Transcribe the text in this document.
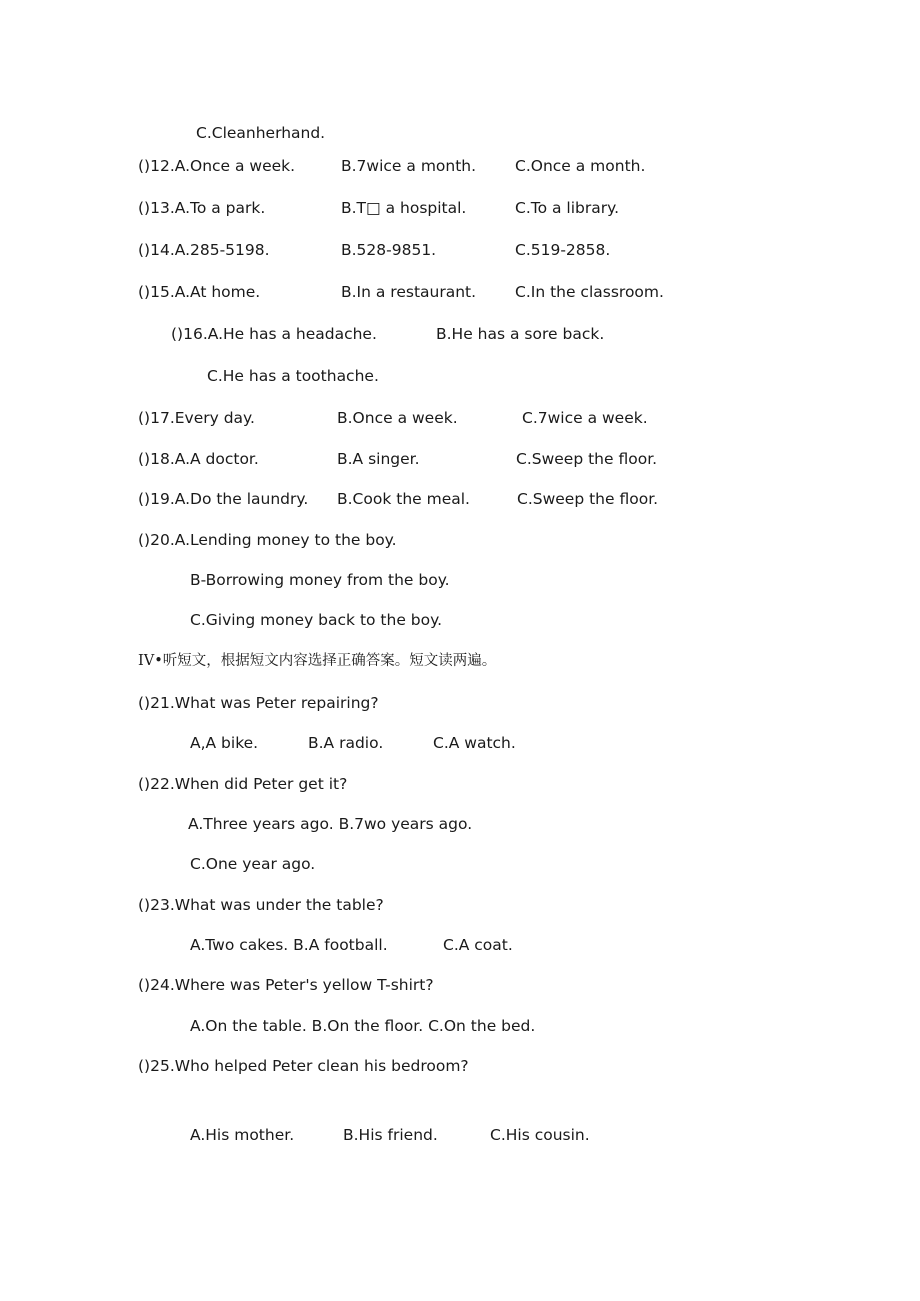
C.Cleanherhand.
()12.A.Once a week.	B.7wice a month.	C.Once a month.
()13.A.To a park.	B.T□ a hospital.	C.To a library.
()14.A.285-5198.	B.528-9851.	C.519-2858.
()15.A.At home.	B.In a restaurant.	C.In the classroom.
()16.A.He has a headache.	B.He has a sore back.
C.He has a toothache.
()17.Every day.	B.Once a week.	C.7wice a week.
()18.A.A doctor.	B.A singer.	C.Sweep the floor.
()19.A.Do the laundry. B.Cook the meal.	C.Sweep the floor.
()20.A.Lending money to the boy.
B-Borrowing money from the boy.
C.Giving money back to the boy.
IV•听短文，根据短文内容选择正确答案。短文读两遍。
()21.What was Peter repairing?
A,A bike.	B.A radio.	C.A watch.
()22.When did Peter get it?
A.Three years ago. B.7wo years ago.
C.One year ago.
()23.What was under the table?
A.Two cakes. B.A football.	C.A coat.
()24.Where was Peter's yellow T-shirt?
A.On the table. B.On the floor. C.On the bed.
()25.Who helped Peter clean his bedroom?
A.His mother.	B.His friend.	C.His cousin.
